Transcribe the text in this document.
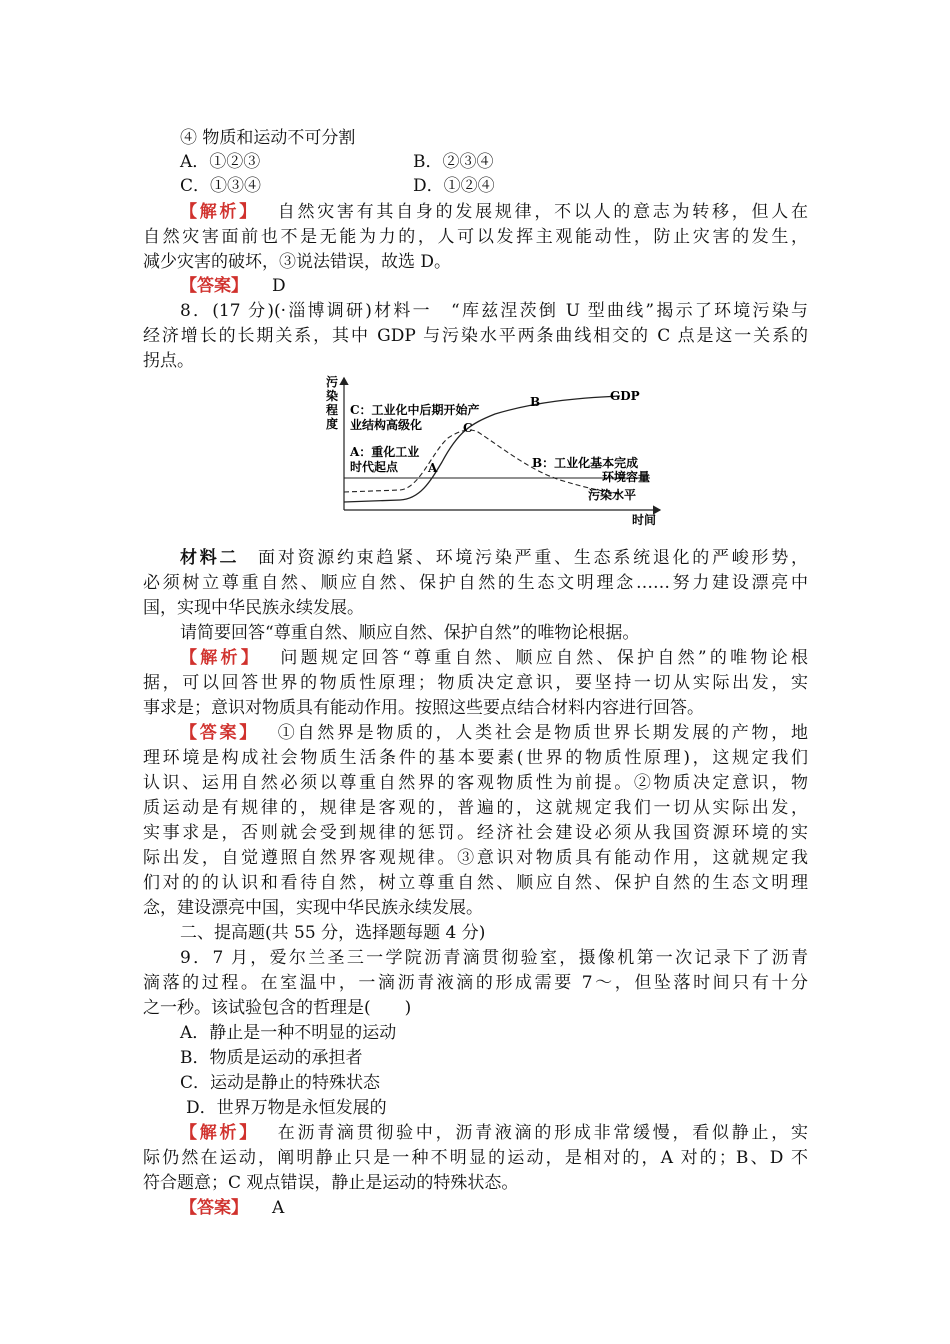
④ 物质和运动不可分割
A．①②③	B．②③④
C．①③④	D．①②④
【解析】 自然灾害有其自身的发展规律，不以人的意志为转移，但人在
自然灾害面前也不是无能为力的，人可以发挥主观能动性，防止灾害的发生，
减少灾害的破坏，③说法错误，故选 D。
【答案】 D
8．(17 分)(·淄博调研)材料一　“库兹涅茨倒 U 型曲线”揭示了环境污染与
经济增长的长期关系，其中 GDP 与污染水平两条曲线相交的 C 点是这一关系的
拐点。
污
染
程
度
时间
C：工业化中后期开始产
业结构高级化
A：重化工业
时代起点	B：工业化基本完成
A
B
C
GDP
环境容量
污染水平
材料二 面对资源约束趋紧、环境污染严重、生态系统退化的严峻形势，
必须树立尊重自然、顺应自然、保护自然的生态文明理念……努力建设漂亮中
国，实现中华民族永续发展。
请简要回答“尊重自然、顺应自然、保护自然”的唯物论根据。
【解析】 问题规定回答“尊重自然、顺应自然、保护自然”的唯物论根
据，可以回答世界的物质性原理；物质决定意识，要坚持一切从实际出发，实
事求是；意识对物质具有能动作用。按照这些要点结合材料内容进行回答。
【答案】 ①自然界是物质的，人类社会是物质世界长期发展的产物，地
理环境是构成社会物质生活条件的基本要素(世界的物质性原理)，这规定我们
认识、运用自然必须以尊重自然界的客观物质性为前提。②物质决定意识，物
质运动是有规律的，规律是客观的，普遍的，这就规定我们一切从实际出发，
实事求是，否则就会受到规律的惩罚。经济社会建设必须从我国资源环境的实
际出发，自觉遵照自然界客观规律。③意识对物质具有能动作用，这就规定我
们对的的认识和看待自然，树立尊重自然、顺应自然、保护自然的生态文明理
念，建设漂亮中国，实现中华民族永续发展。
二、提高题(共 55 分，选择题每题 4 分)
9．7 月，爱尔兰圣三一学院沥青滴贯彻验室，摄像机第一次记录下了沥青
滴落的过程。在室温中，一滴沥青液滴的形成需要 7～，但坠落时间只有十分
之一秒。该试验包含的哲理是(　　)
A．静止是一种不明显的运动
B．物质是运动的承担者
C．运动是静止的特殊状态
D．世界万物是永恒发展的
【解析】 在沥青滴贯彻验中，沥青液滴的形成非常缓慢，看似静止，实
际仍然在运动，阐明静止只是一种不明显的运动，是相对的，A 对的；B、D 不
符合题意；C 观点错误，静止是运动的特殊状态。
【答案】 A
